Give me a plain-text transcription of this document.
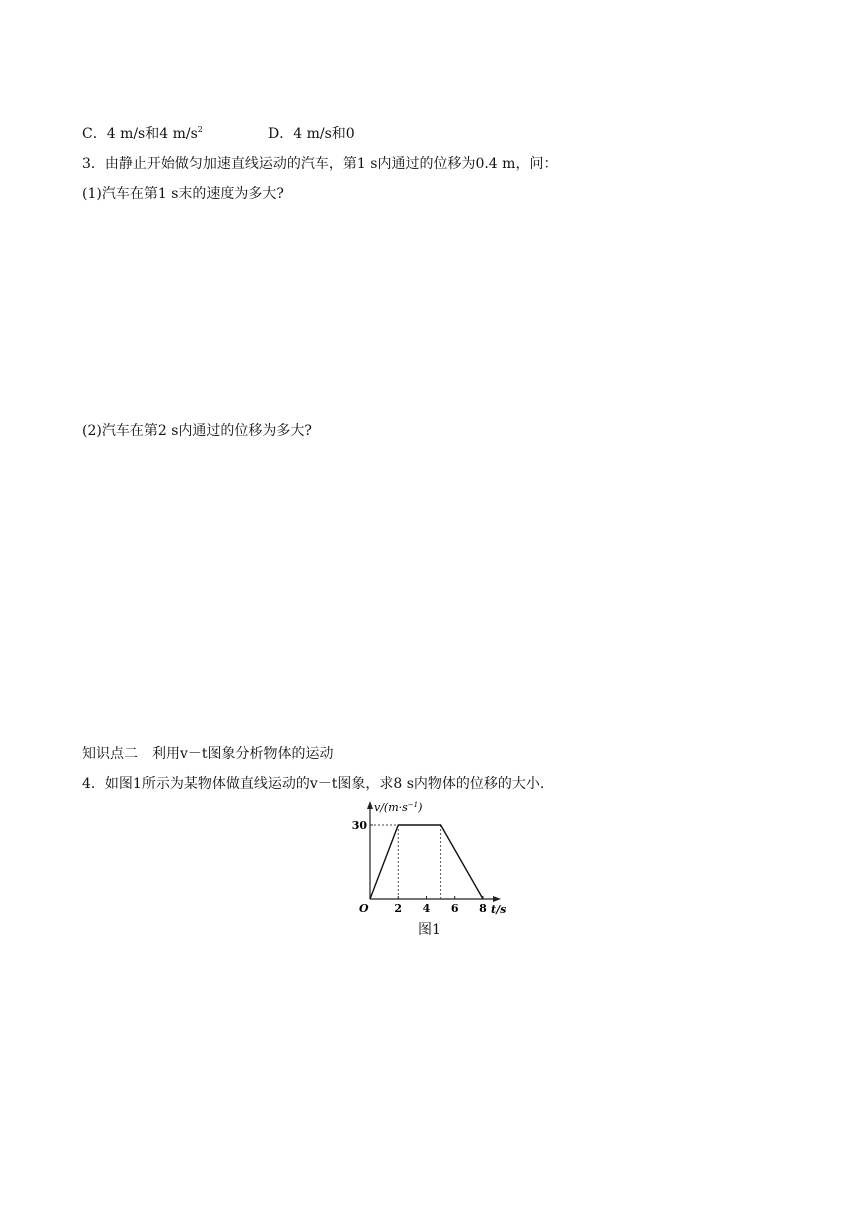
C．4 m/s和4 $m/s^2$	D．4 m/s和0
3．由静止开始做匀加速直线运动的汽车，第1 s内通过的位移为0.4 m，问：
(1)汽车在第1 s末的速度为多大?
(2)汽车在第2 s内通过的位移为多大?
知识点二　利用v－t图象分析物体的运动
4．如图1所示为某物体做直线运动的v－t图象，求8 s内物体的位移的大小.
2 4 6 8
30
$v/(m\cdot s^{-1})$
O	t/s
图1
